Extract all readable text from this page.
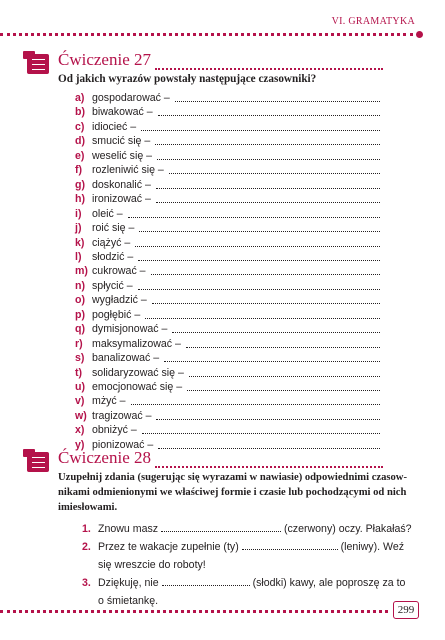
VI. GRAMATYKA
Ćwiczenie 27
Od jakich wyrazów powstały następujące czasowniki?
a) gospodarować –
b) biwakować –
c) idiocieć –
d) smucić się –
e) weselić się –
f) rozleniwić się –
g) doskonalić –
h) ironizować –
i) oleić –
j) roić się –
k) ciążyć –
l) słodzić –
m) cukrować –
n) spłycić –
o) wygładzić –
p) pogłębić –
q) dymisjonować –
r) maksymalizować –
s) banalizować –
t) solidaryzować się –
u) emocjonować się –
v) mżyć –
w) tragizować –
x) obniżyć –
y) pionizować –
Ćwiczenie 28
Uzupełnij zdania (sugerując się wyrazami w nawiasie) odpowiednimi czasow-
nikami odmienionymi we właściwej formie i czasie lub pochodzącymi od nich
imiesłowami.
1. Znowu masz	(czerwony) oczy. Płakałaś?
2. Przez te wakacje zupełnie (ty)	(leniwy). Weź
się wreszcie do roboty!
3. Dziękuję, nie	(słodki) kawy, ale poproszę za to
o śmietankę.
299
